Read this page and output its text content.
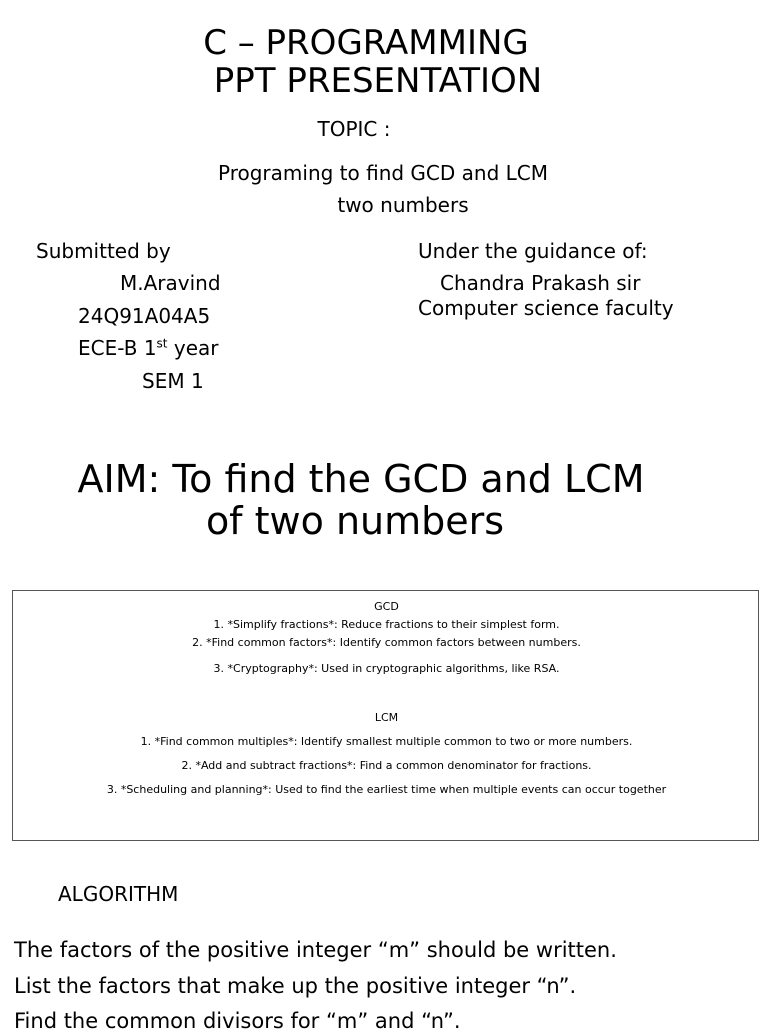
C – PROGRAMMING
PPT PRESENTATION
TOPIC :
Programing to find GCD and LCM
two numbers
Submitted by
M.Aravind
24Q91A04A5
ECE-B 1st year
SEM 1
Under the guidance of:
Chandra Prakash sir
Computer science faculty
AIM: To find the GCD and LCM
of two numbers
GCD
1. *Simplify fractions*: Reduce fractions to their simplest form.
2. *Find common factors*: Identify common factors between numbers.
3. *Cryptography*: Used in cryptographic algorithms, like RSA.
LCM
1. *Find common multiples*: Identify smallest multiple common to two or more numbers.
2. *Add and subtract fractions*: Find a common denominator for fractions.
3. *Scheduling and planning*: Used to find the earliest time when multiple events can occur together
ALGORITHM
The factors of the positive integer “m” should be written.
List the factors that make up the positive integer “n”.
Find the common divisors for “m” and “n”.
